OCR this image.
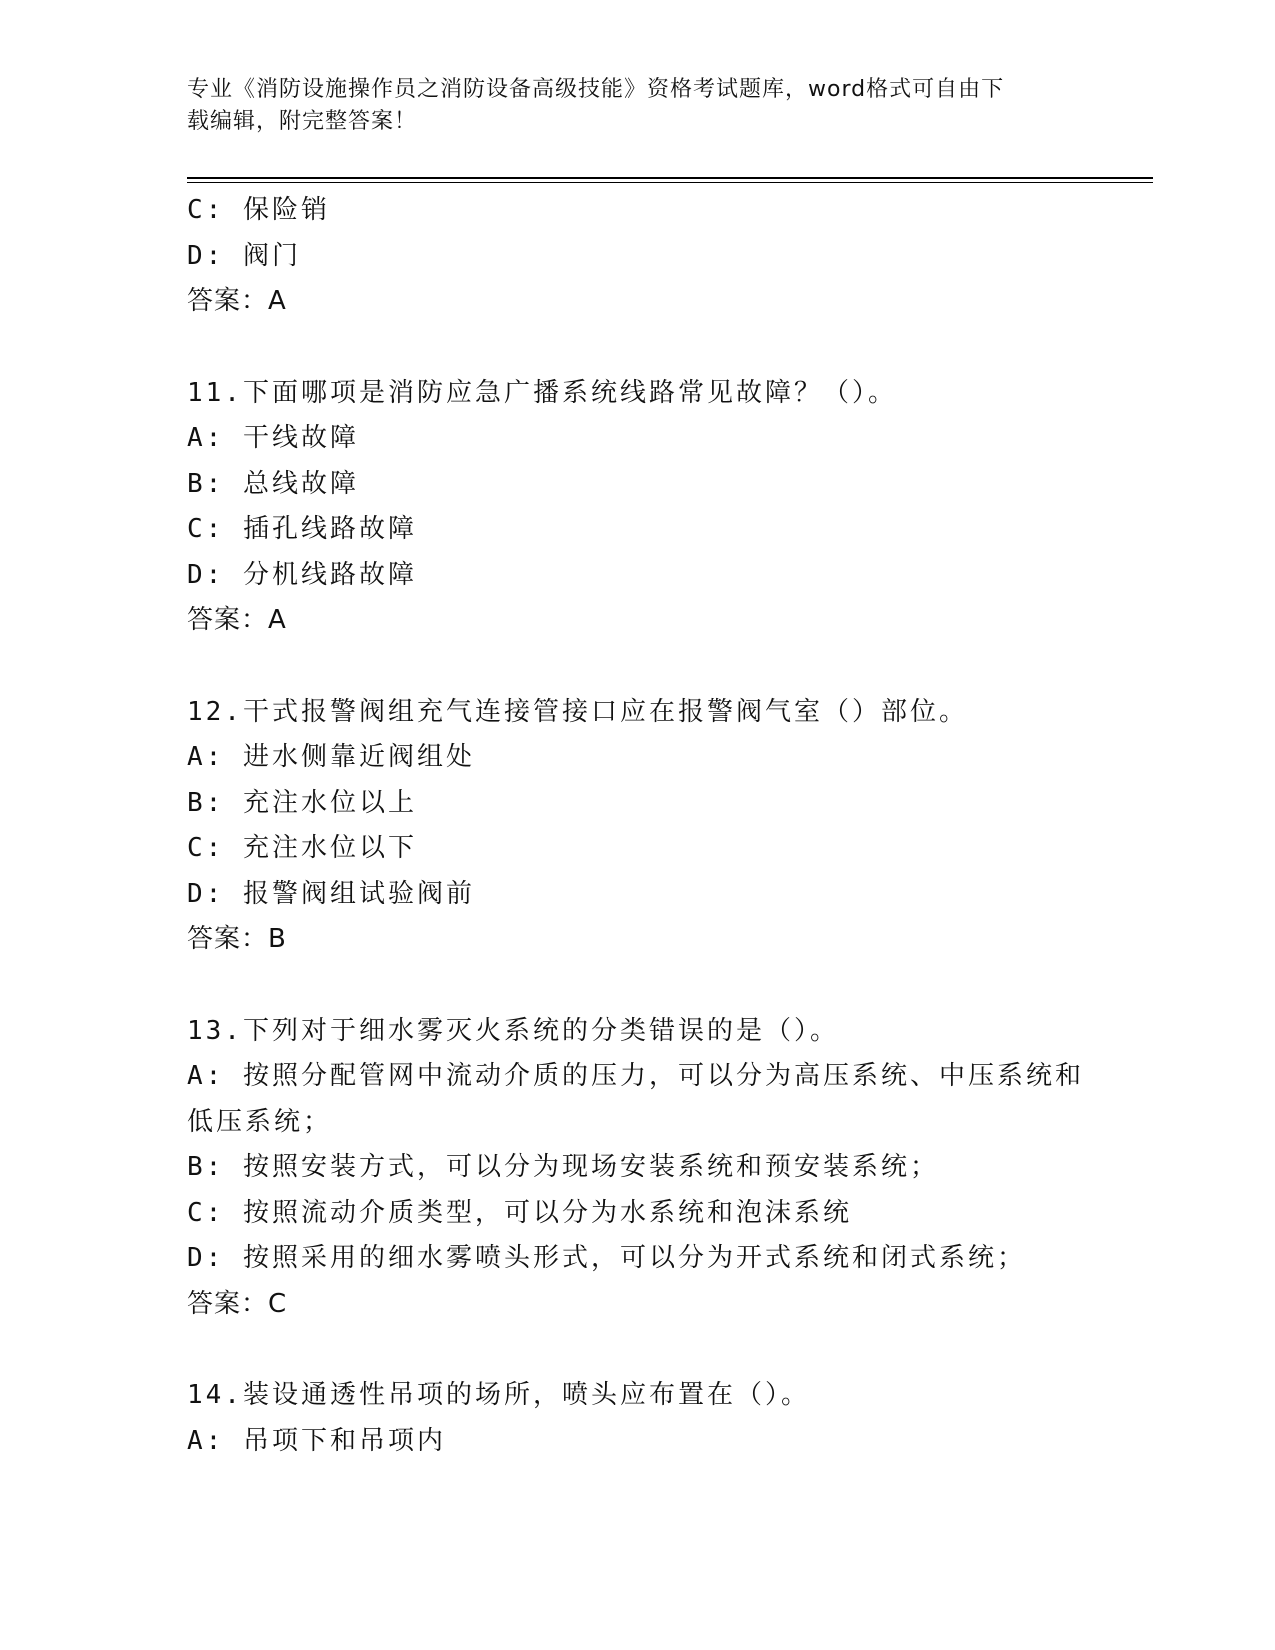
专业《消防设施操作员之消防设备高级技能》资格考试题库，word格式可自由下
载编辑，附完整答案！
C: 保险销
D: 阀门
答案：A
11.下面哪项是消防应急广播系统线路常见故障？（）。
A: 干线故障
B: 总线故障
C: 插孔线路故障
D: 分机线路故障
答案：A
12.干式报警阀组充气连接管接口应在报警阀气室（）部位。
A: 进水侧靠近阀组处
B: 充注水位以上
C: 充注水位以下
D: 报警阀组试验阀前
答案：B
13.下列对于细水雾灭火系统的分类错误的是（）。
A: 按照分配管网中流动介质的压力，可以分为高压系统、中压系统和
低压系统；
B: 按照安装方式，可以分为现场安装系统和预安装系统；
C: 按照流动介质类型，可以分为水系统和泡沫系统
D: 按照采用的细水雾喷头形式，可以分为开式系统和闭式系统；
答案：C
14.装设通透性吊项的场所，喷头应布置在（）。
A: 吊项下和吊项内
